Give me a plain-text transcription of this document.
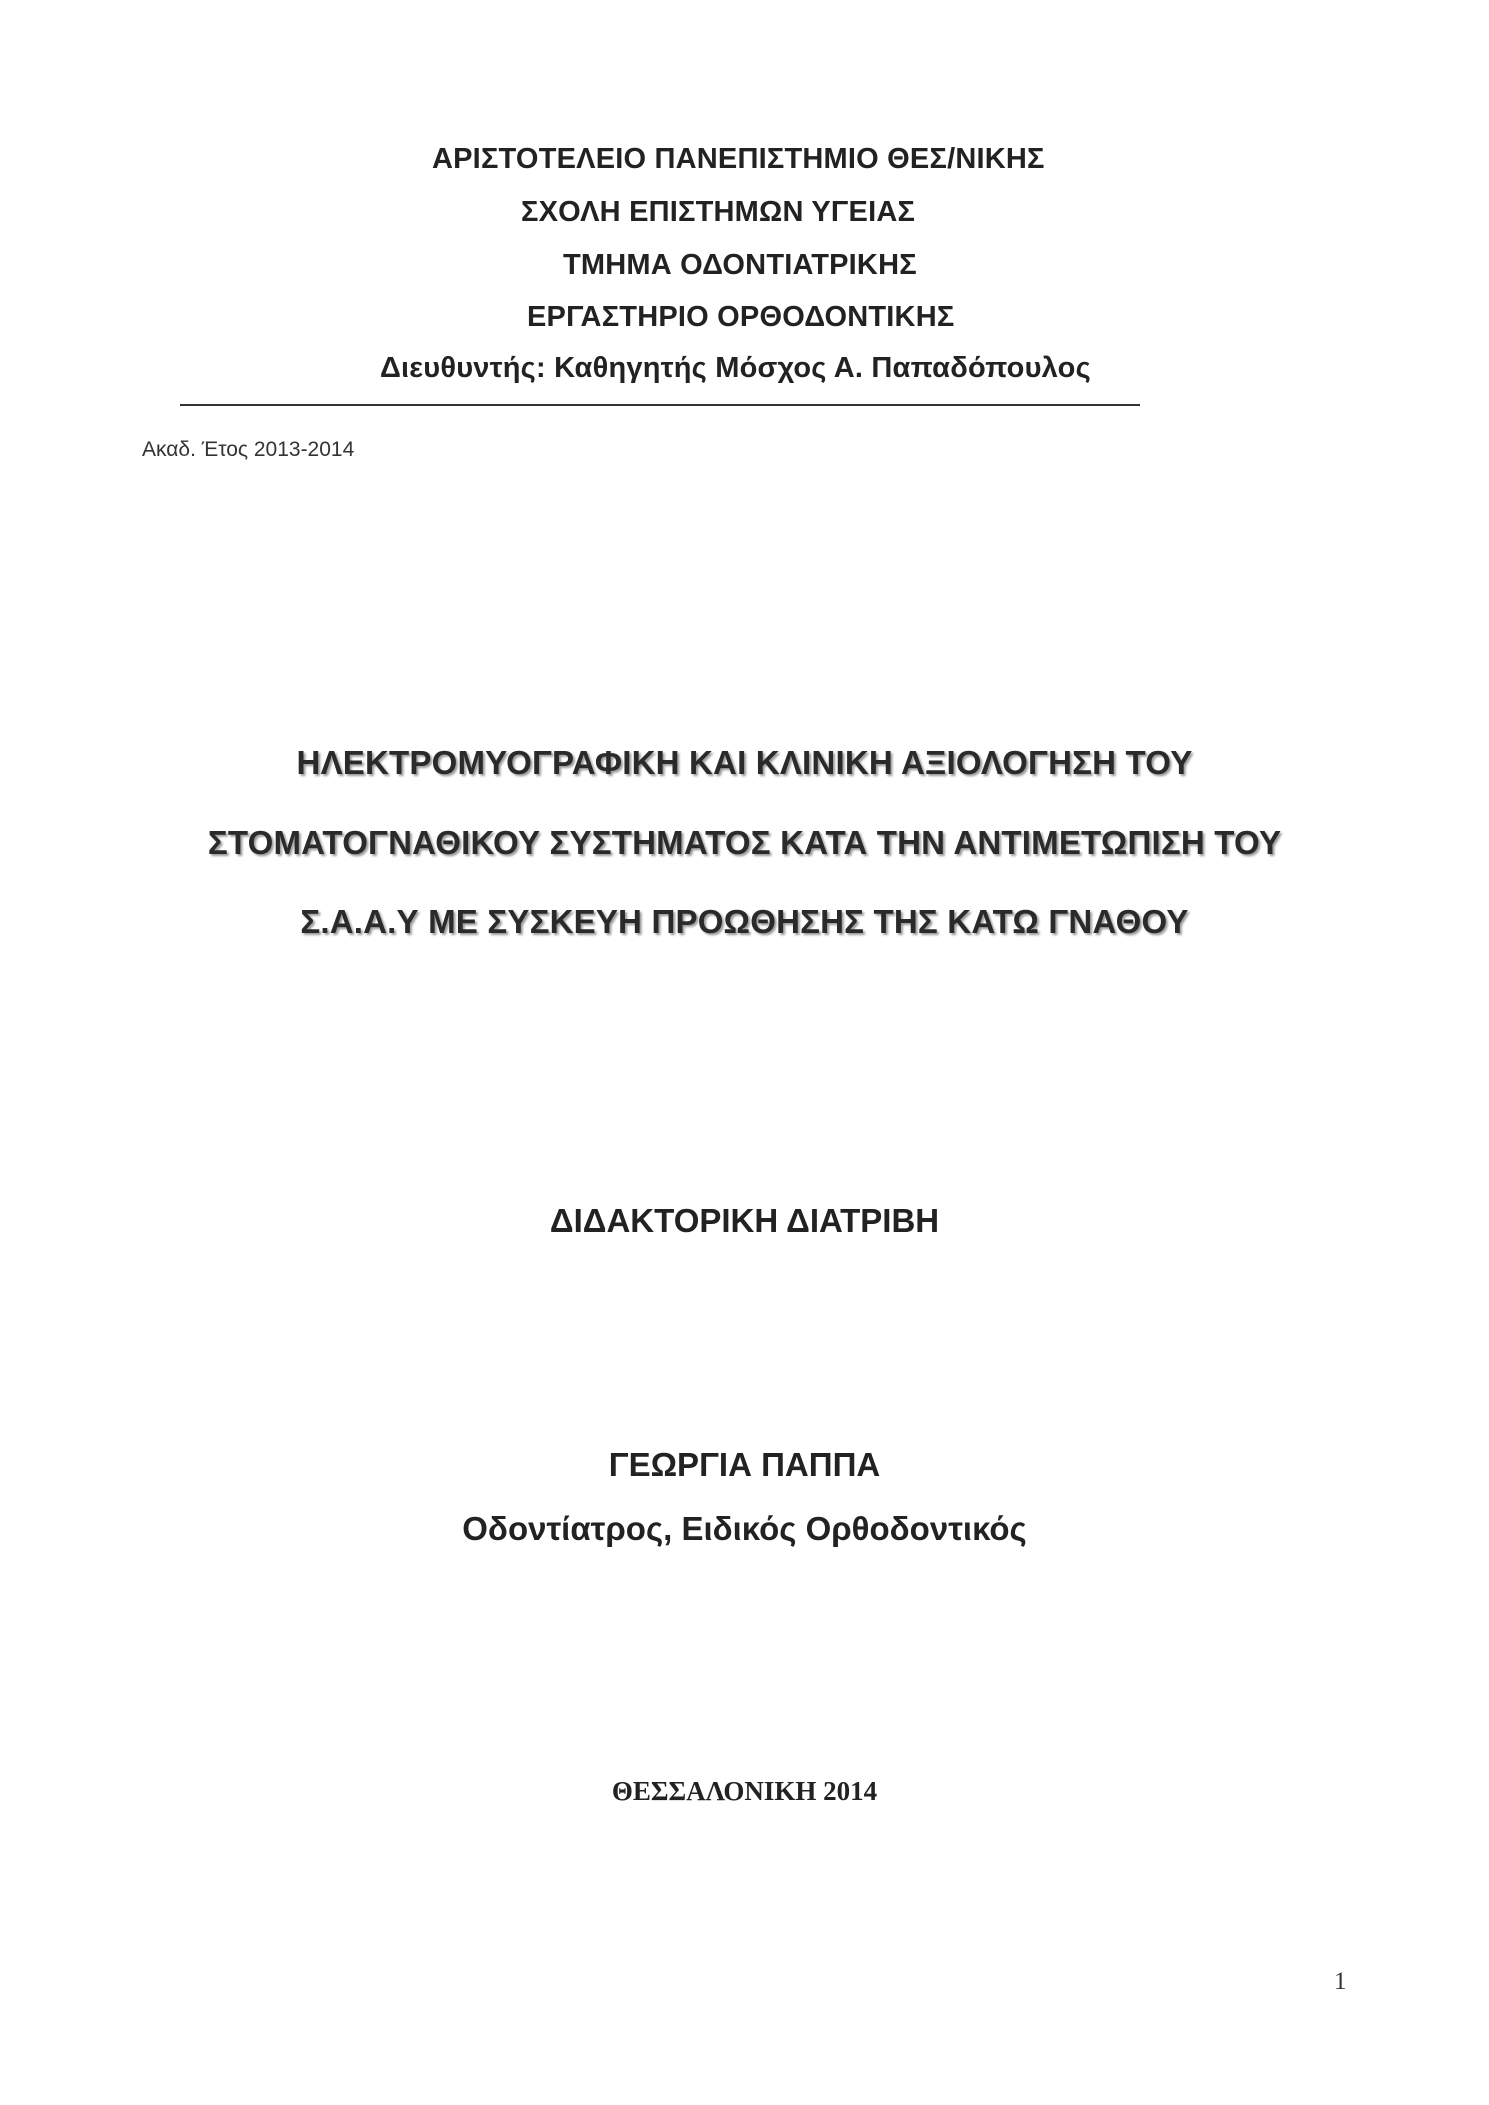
ΑΡΙΣΤΟΤΕΛΕΙΟ ΠΑΝΕΠΙΣΤΗΜΙΟ ΘΕΣ/ΝΙΚΗΣ
ΣΧΟΛΗ ΕΠΙΣΤΗΜΩΝ ΥΓΕΙΑΣ
ΤΜΗΜΑ ΟΔΟΝΤΙΑΤΡΙΚΗΣ
ΕΡΓΑΣΤΗΡΙΟ ΟΡΘΟΔΟΝΤΙΚΗΣ
Διευθυντής: Καθηγητής Μόσχος Α. Παπαδόπουλος
Ακαδ. Έτος 2013-2014
ΗΛΕΚΤΡΟΜΥΟΓΡΑΦΙΚΗ ΚΑΙ ΚΛΙΝΙΚΗ ΑΞΙΟΛΟΓΗΣΗ ΤΟΥ
ΣΤΟΜΑΤΟΓΝΑΘΙΚΟΥ ΣΥΣΤΗΜΑΤΟΣ ΚΑΤΑ ΤΗΝ ΑΝΤΙΜΕΤΩΠΙΣΗ ΤΟΥ
Σ.Α.Α.Υ ΜΕ ΣΥΣΚΕΥΗ ΠΡΟΩΘΗΣΗΣ ΤΗΣ ΚΑΤΩ ΓΝΑΘΟΥ
ΔΙΔΑΚΤΟΡΙΚΗ ΔΙΑΤΡΙΒΗ
ΓΕΩΡΓΙΑ ΠΑΠΠΑ
Οδοντίατρος, Ειδικός Ορθοδοντικός
ΘΕΣΣΑΛΟΝΙΚΗ 2014
1
